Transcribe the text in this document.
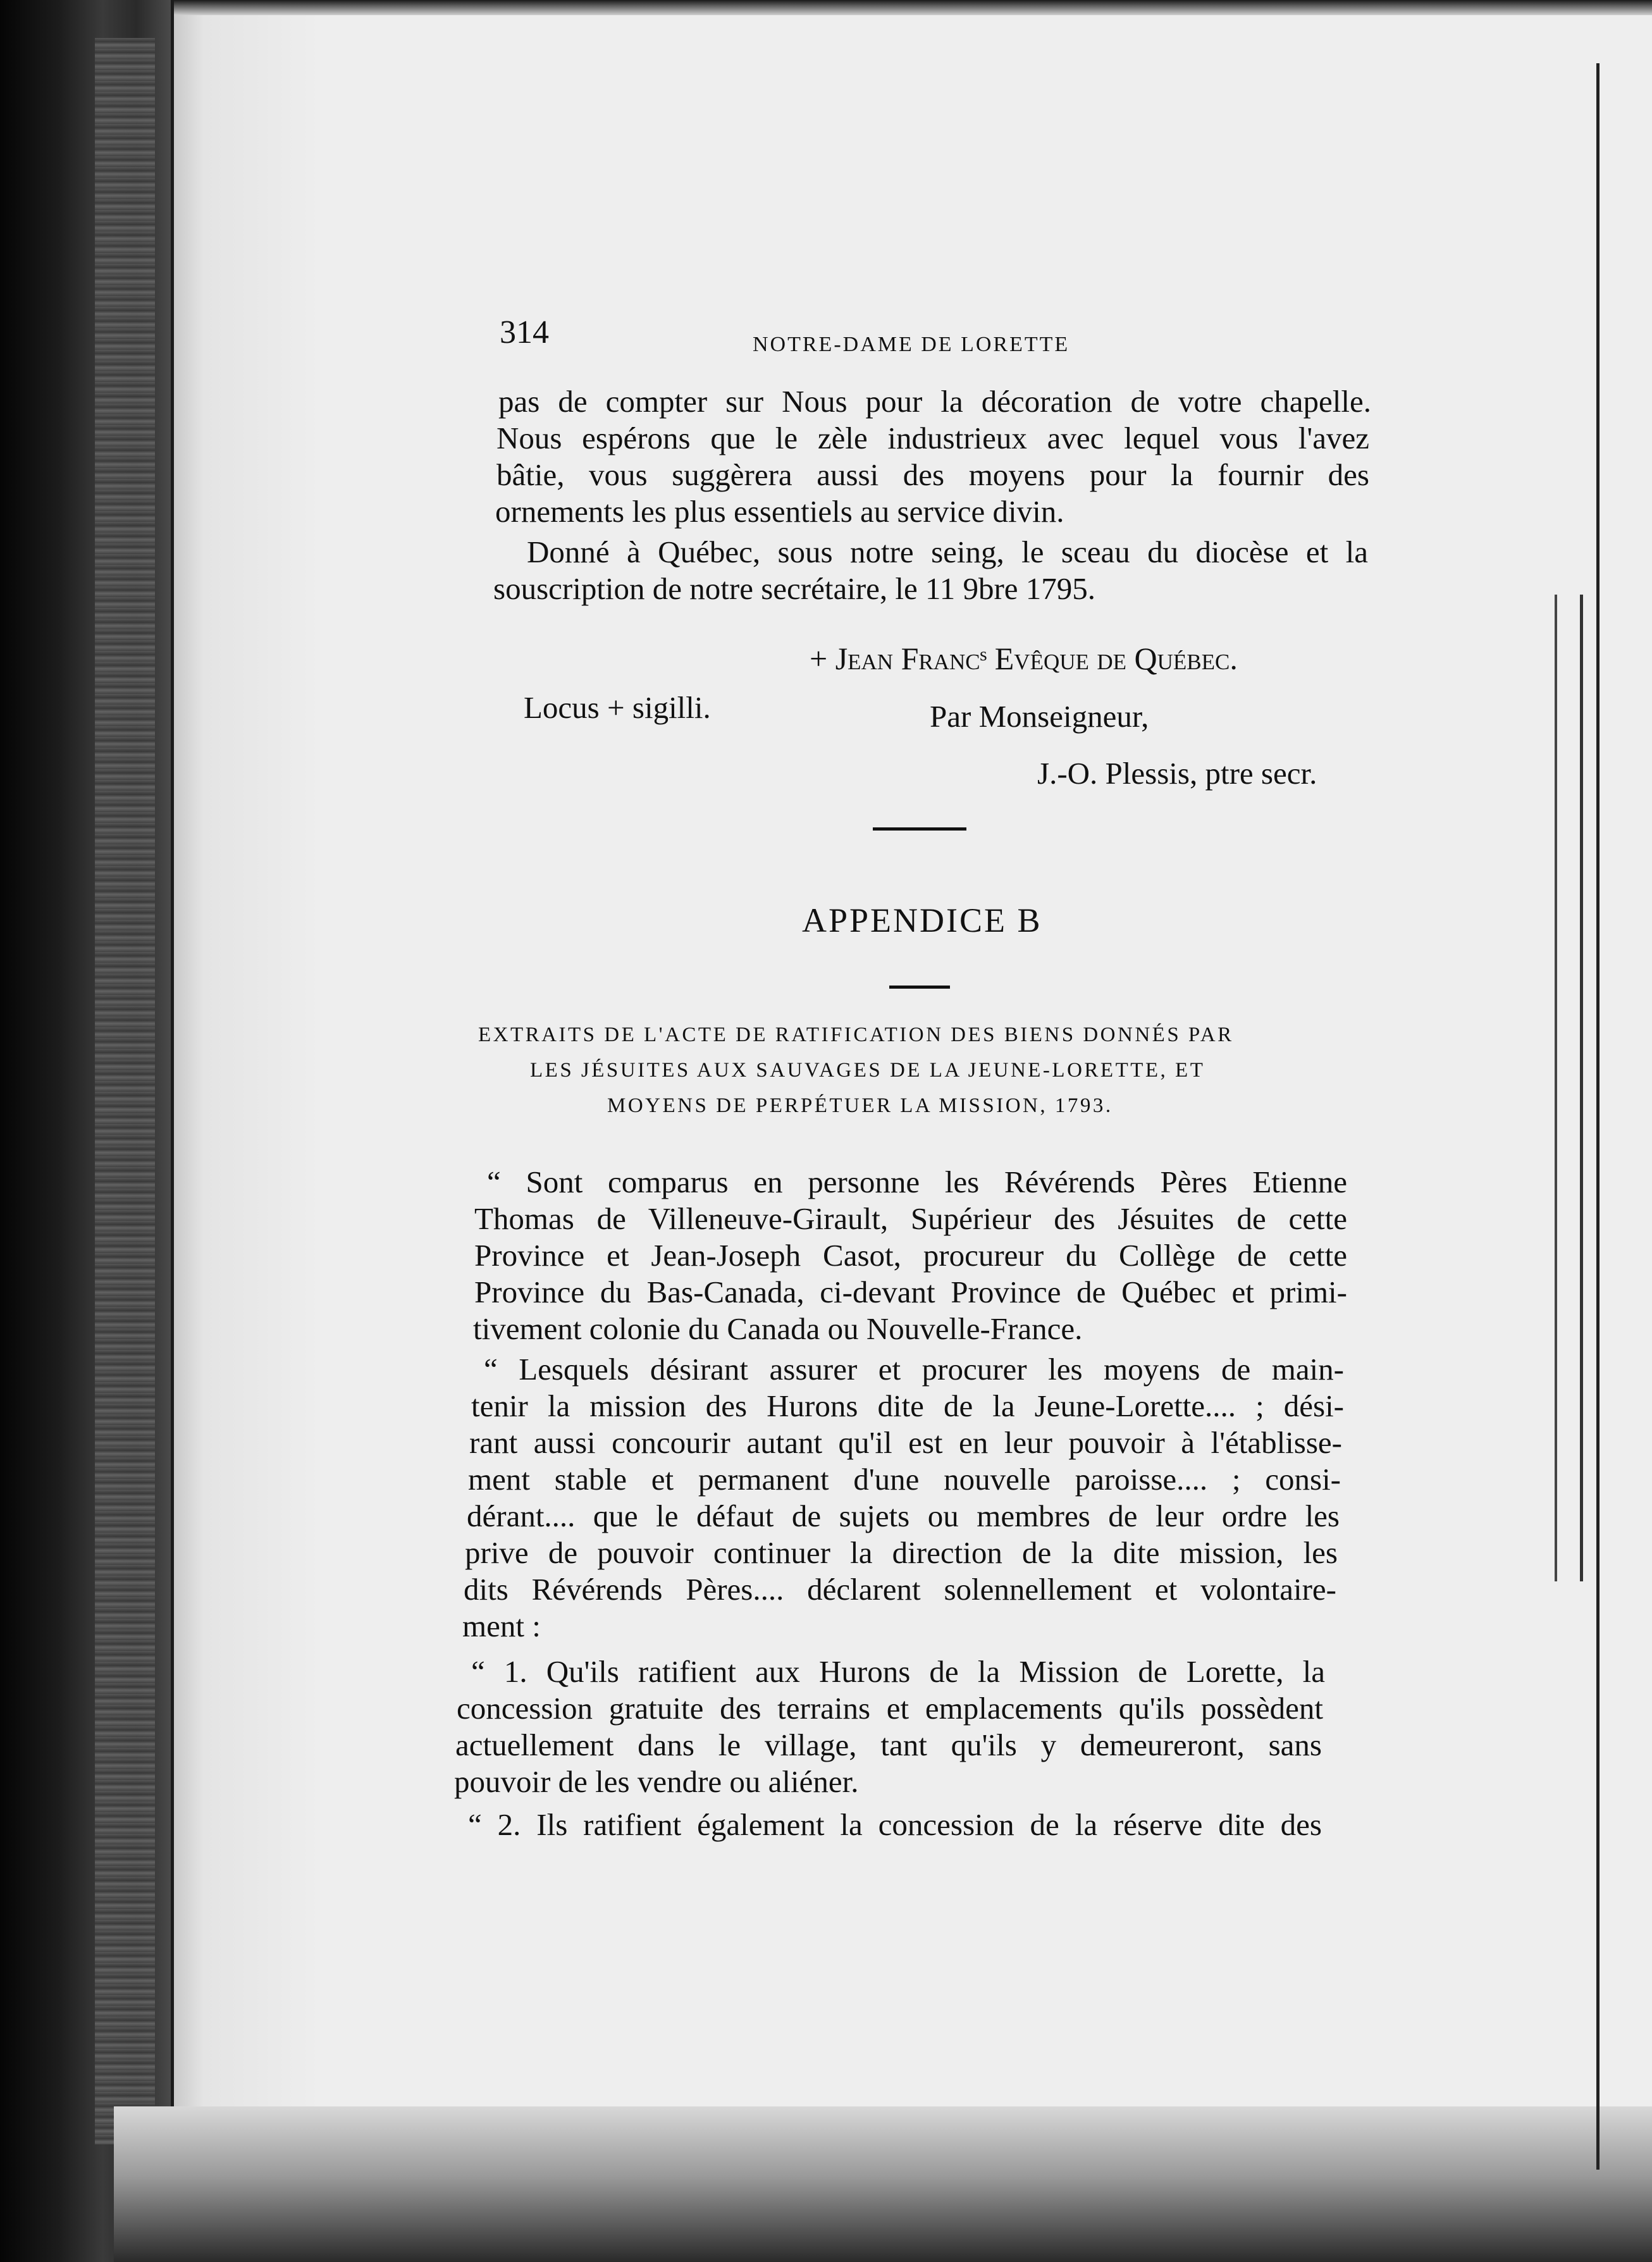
314	NOTRE-DAME DE LORETTE
pas de compter sur Nous pour la décoration de votre chapelle.
Nous espérons que le zèle industrieux avec lequel vous l'avez
bâtie, vous suggèrera aussi des moyens pour la fournir des
ornements les plus essentiels au service divin.
Donné à Québec, sous notre seing, le sceau du diocèse et la
souscription de notre secrétaire, le 11 9bre 1795.
+ Jean Francˢ Evêque de Québec.
Locus + sigilli.	Par Monseigneur,
J.-O. Plessis, ptre secr.
APPENDICE B
EXTRAITS DE L'ACTE DE RATIFICATION DES BIENS DONNÉS PAR
LES JÉSUITES AUX SAUVAGES DE LA JEUNE-LORETTE, ET
MOYENS DE PERPÉTUER LA MISSION, 1793.
“ Sont comparus en personne les Révérends Pères Etienne
Thomas de Villeneuve-Girault, Supérieur des Jésuites de cette
Province et Jean-Joseph Casot, procureur du Collège de cette
Province du Bas-Canada, ci-devant Province de Québec et primi-
tivement colonie du Canada ou Nouvelle-France.
“ Lesquels désirant assurer et procurer les moyens de main-
tenir la mission des Hurons dite de la Jeune-Lorette.... ; dési-
rant aussi concourir autant qu'il est en leur pouvoir à l'établisse-
ment stable et permanent d'une nouvelle paroisse.... ; consi-
dérant.... que le défaut de sujets ou membres de leur ordre les
prive de pouvoir continuer la direction de la dite mission, les
dits Révérends Pères.... déclarent solennellement et volontaire-
ment :
“ 1. Qu'ils ratifient aux Hurons de la Mission de Lorette, la
concession gratuite des terrains et emplacements qu'ils possèdent
actuellement dans le village, tant qu'ils y demeureront, sans
pouvoir de les vendre ou aliéner.
“ 2. Ils ratifient également la concession de la réserve dite des
